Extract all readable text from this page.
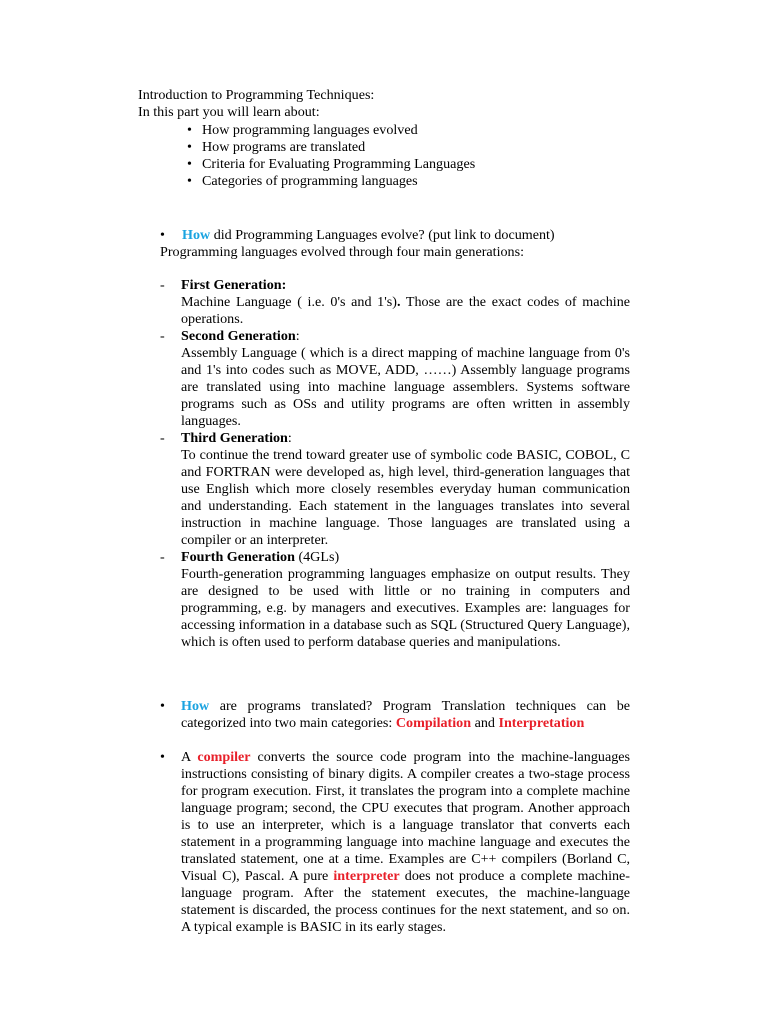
Introduction to Programming Techniques:
In this part you will learn about:
• How programming languages evolved
• How programs are translated
• Criteria for Evaluating Programming Languages
• Categories of programming languages
• How did Programming Languages evolve? (put link to document)
Programming languages evolved through four main generations:
- First Generation:
Machine Language ( i.e. 0's and 1's). Those are the exact codes of machine operations.
- Second Generation:
Assembly Language ( which is a direct mapping of machine language from 0's and 1's into codes such as MOVE, ADD, ……) Assembly language programs are translated using into machine language assemblers. Systems software programs such as OSs and utility programs are often written in assembly languages.
- Third Generation:
To continue the trend toward greater use of symbolic code BASIC, COBOL, C and FORTRAN were developed as, high level, third-generation languages that use English which more closely resembles everyday human communication and understanding. Each statement in the languages translates into several instruction in machine language. Those languages are translated using a compiler or an interpreter.
- Fourth Generation (4GLs)
Fourth-generation programming languages emphasize on output results. They are designed to be used with little or no training in computers and programming, e.g. by managers and executives. Examples are: languages for accessing information in a database such as SQL (Structured Query Language), which is often used to perform database queries and manipulations.
•	How are programs translated? Program Translation techniques can be categorized into two main categories: Compilation and Interpretation
•	A compiler converts the source code program into the machine-languages instructions consisting of binary digits. A compiler creates a two-stage process for program execution. First, it translates the program into a complete machine language program; second, the CPU executes that program. Another approach is to use an interpreter, which is a language translator that converts each statement in a programming language into machine language and executes the translated statement, one at a time. Examples are C++ compilers (Borland C, Visual C), Pascal. A pure interpreter does not produce a complete machine-language program. After the statement executes, the machine-language statement is discarded, the process continues for the next statement, and so on. A typical example is BASIC in its early stages.
